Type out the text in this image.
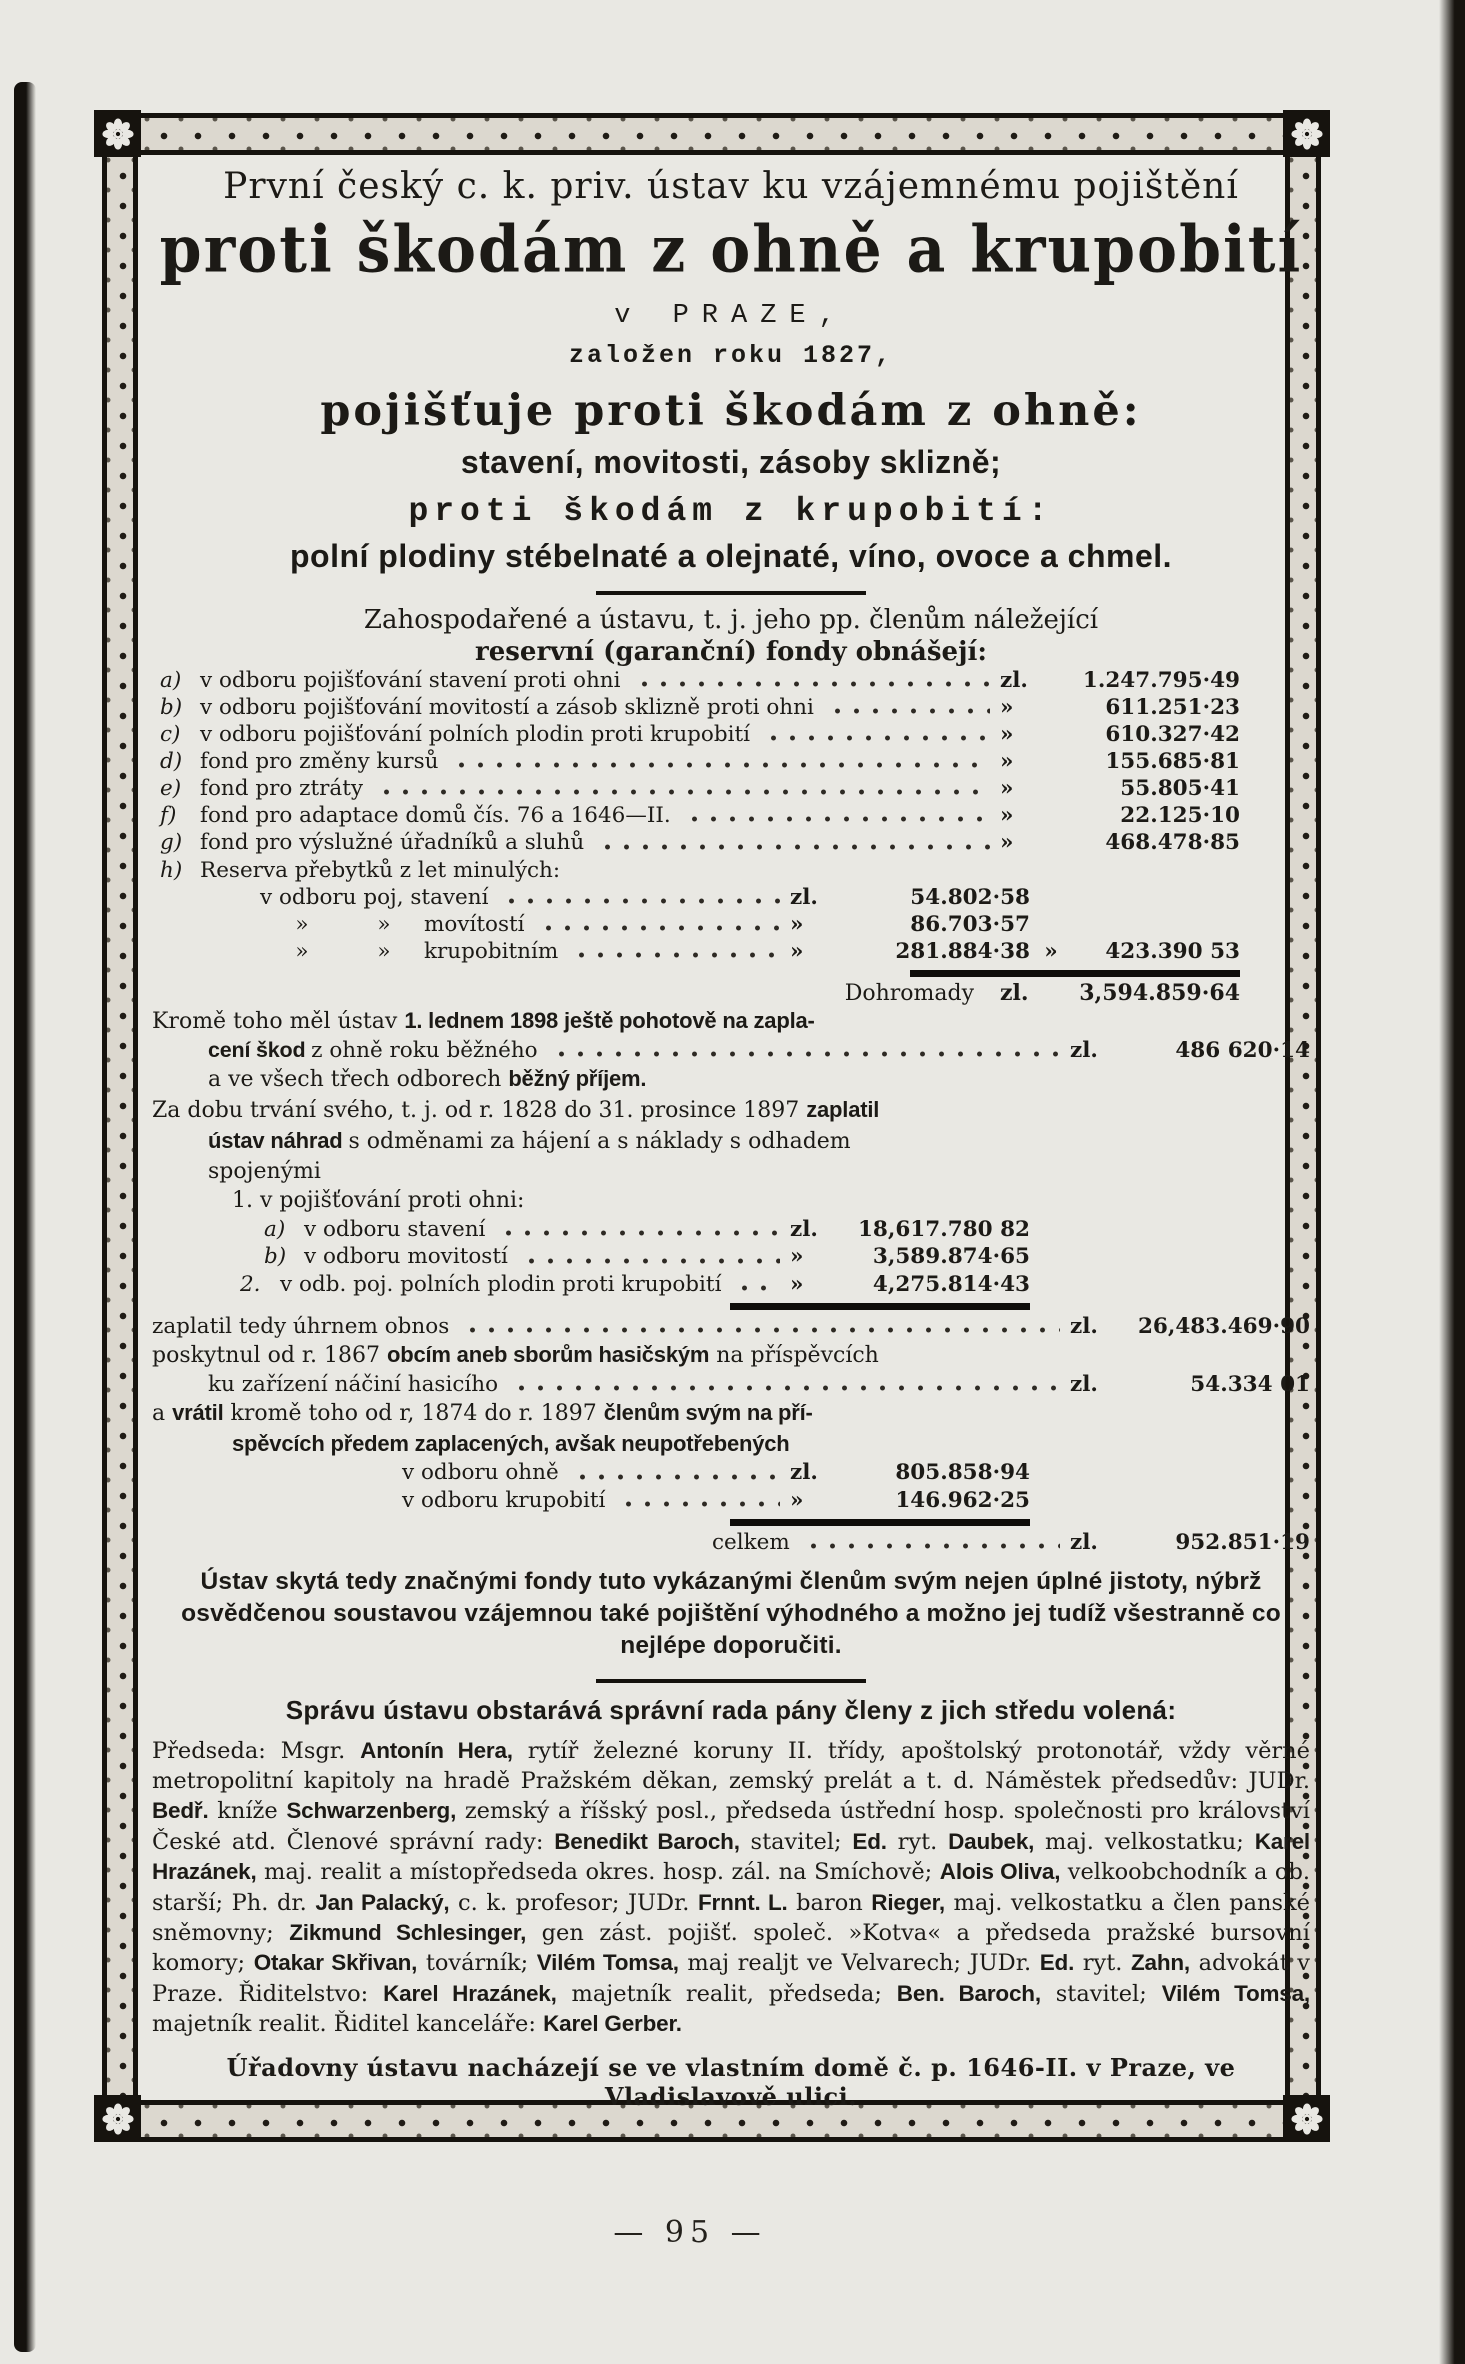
První český c. k. priv. ústav ku vzájemnému pojištění
proti škodám z ohně a krupobití
v PRAZE,
založen roku 1827,
pojišťuje proti škodám z ohně:
stavení, movitosti, zásoby sklizně;
proti škodám z krupobití:
polní plodiny stébelnaté a olejnaté, víno, ovoce a chmel.
Zahospodařené a ústavu, t. j. jeho pp. členům náležející
reservní (garanční) fondy obnášejí:
a) v odboru pojišťování stavení proti ohni	zl.	1.247.795·49
b) v odboru pojišťování movitostí a zásob sklizně proti ohni	»	611.251·23
c) v odboru pojišťování polních plodin proti krupobití	»	610.327·42
d) fond pro změny kursů	»	155.685·81
e) fond pro ztráty	»	55.805·41
f)	fond pro adaptace domů čís. 76 a 1646—II.	»	22.125·10
g) fond pro výslužné úřadníků a sluhů	»	468.478·85
h) Reserva přebytků z let minulých:
v odboru poj, stavení	zl.	54.802·58
»	»	movítostí	»	86.703·57
»	»	krupobitním	»	281.884·38 »	423.390 53
Dohromady	zl.	3,594.859·64
Kromě toho měl ústav 1. lednem 1898 ještě pohotově na zapla-
cení škod z ohně roku běžného	zl.	486 620·14
a ve všech třech odborech běžný příjem.
Za dobu trvání svého, t. j. od r. 1828 do 31. prosince 1897 zaplatil
ústav náhrad s odměnami za hájení a s náklady s odhadem
spojenými
1. v pojišťování proti ohni:
a) v odboru stavení	zl.	18,617.780 82
b) v odboru movitostí	»	3,589.874·65
2. v odb. poj. polních plodin proti krupobití	»	4,275.814·43
zaplatil tedy úhrnem obnos	zl.	26,483.469·90
poskytnul od r. 1867 obcím aneb sborům hasičským na příspěvcích
ku zařízení náčiní hasicího	zl.	54.334 01
a vrátil kromě toho od r, 1874 do r. 1897 členům svým na pří-
spěvcích předem zaplacených, avšak neupotřebených
v odboru ohně	zl.	805.858·94
v odboru krupobití	»	146.962·25
celkem	zl.	952.851·19
Ústav skytá tedy značnými fondy tuto vykázanými členům svým nejen úplné jistoty, nýbrž osvědčenou soustavou vzájemnou také pojištění výhodného a možno jej tudíž všestranně co nejlépe doporučiti.
Správu ústavu obstarává správní rada pány členy z jich středu volená:
Předseda: Msgr. Antonín Hera, rytíř železné koruny II. třídy, apoštolský protonotář, vždy věrné metropolitní kapitoly na hradě Pražském děkan, zemský prelát a t. d. Náměstek předsedův: JUDr. Bedř. kníže Schwarzenberg, zemský a říšský posl., předseda ústřední hosp. společnosti pro království České atd. Členové správní rady: Benedikt Baroch, stavitel; Ed. ryt. Daubek, maj. velkostatku; Karel Hrazánek, maj. realit a místopředseda okres. hosp. zál. na Smíchově; Alois Oliva, velkoobchodník a ob. starší; Ph. dr. Jan Palacký, c. k. profesor; JUDr. Frnnt. L. baron Rieger, maj. velkostatku a člen panské sněmovny; Zikmund Schlesinger, gen zást. pojišť. společ. »Kotva« a předseda pražské bursovní komory; Otakar Skřivan, továrník; Vilém Tomsa, maj realjt ve Velvarech; JUDr. Ed. ryt. Zahn, advokát v Praze. Řiditelstvo: Karel Hrazánek, majetník realit, předseda; Ben. Baroch, stavitel; Vilém Tomsa, majetník realit. Řiditel kanceláře: Karel Gerber.
Úřadovny ústavu nacházejí se ve vlastním domě č. p. 1646-II. v Praze, ve Vladislavově ulici.
— 95 —
